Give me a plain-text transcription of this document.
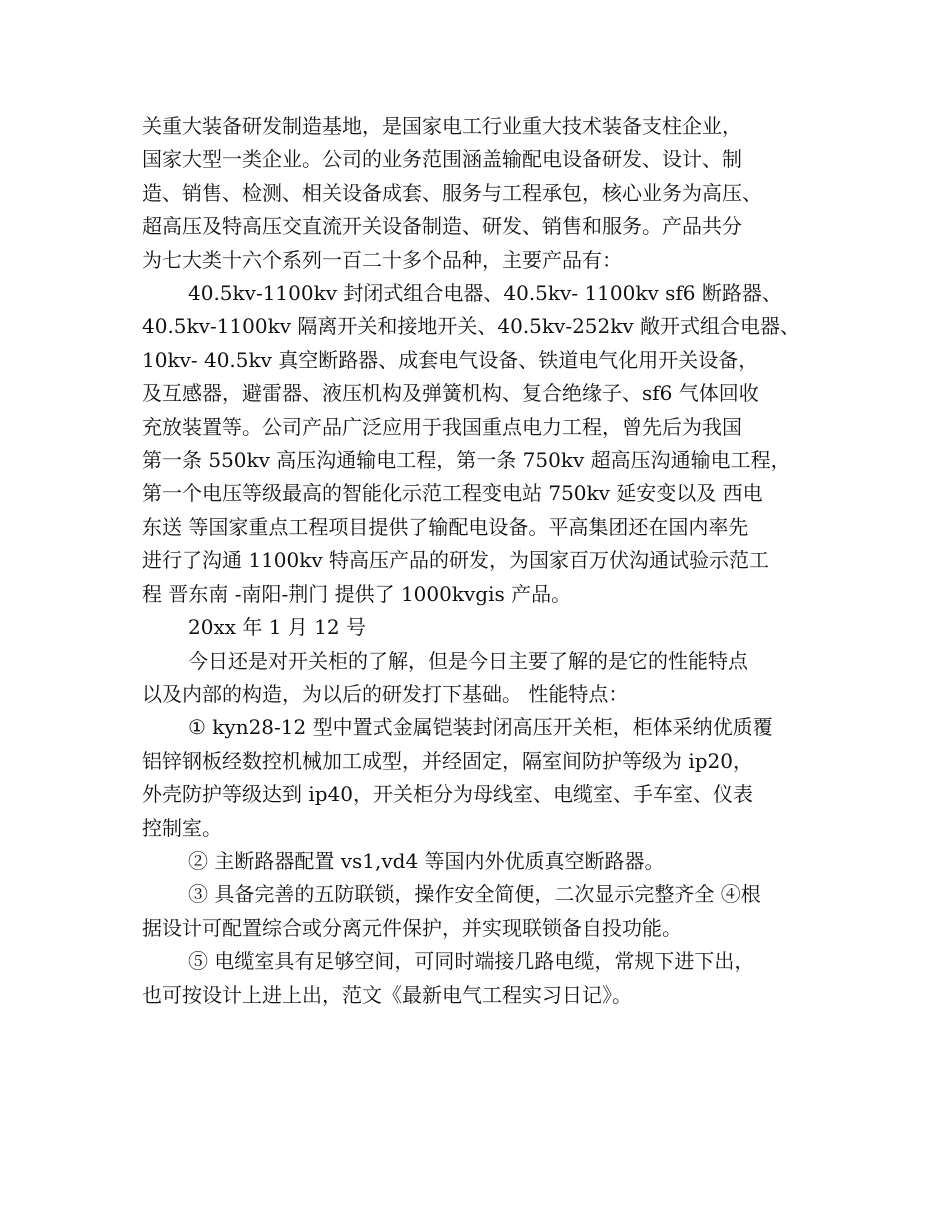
关重大装备研发制造基地，是国家电工行业重大技术装备支柱企业，

国家大型一类企业。公司的业务范围涵盖输配电设备研发、设计、制

造、销售、检测、相关设备成套、服务与工程承包，核心业务为高压、

超高压及特高压交直流开关设备制造、研发、销售和服务。产品共分

为七大类十六个系列一百二十多个品种，主要产品有：

40.5kv-1100kv 封闭式组合电器、40.5kv- 1100kv sf6 断路器、

40.5kv-1100kv 隔离开关和接地开关、40.5kv-252kv 敞开式组合电器、

10kv- 40.5kv 真空断路器、成套电气设备、铁道电气化用开关设备，

及互感器，避雷器、液压机构及弹簧机构、复合绝缘子、sf6 气体回收

充放装置等。公司产品广泛应用于我国重点电力工程，曾先后为我国

第一条 550kv 高压沟通输电工程，第一条 750kv 超高压沟通输电工程，

第一个电压等级最高的智能化示范工程变电站 750kv 延安变以及 西电

东送 等国家重点工程项目提供了输配电设备。平高集团还在国内率先

进行了沟通 1100kv 特高压产品的研发，为国家百万伏沟通试验示范工

程 晋东南 -南阳-荆门 提供了 1000kvgis 产品。

20xx 年 1 月 12 号

今日还是对开关柜的了解，但是今日主要了解的是它的性能特点

以及内部的构造，为以后的研发打下基础。 性能特点：

① kyn28-12 型中置式金属铠装封闭高压开关柜，柜体采纳优质覆

铝锌钢板经数控机械加工成型，并经固定，隔室间防护等级为 ip20，

外壳防护等级达到 ip40，开关柜分为母线室、电缆室、手车室、仪表

控制室。

② 主断路器配置 vs1,vd4 等国内外优质真空断路器。

③ 具备完善的五防联锁，操作安全简便，二次显示完整齐全 ④根

据设计可配置综合或分离元件保护，并实现联锁备自投功能。

⑤ 电缆室具有足够空间，可同时端接几路电缆，常规下进下出，

也可按设计上进上出，范文《最新电气工程实习日记》。
